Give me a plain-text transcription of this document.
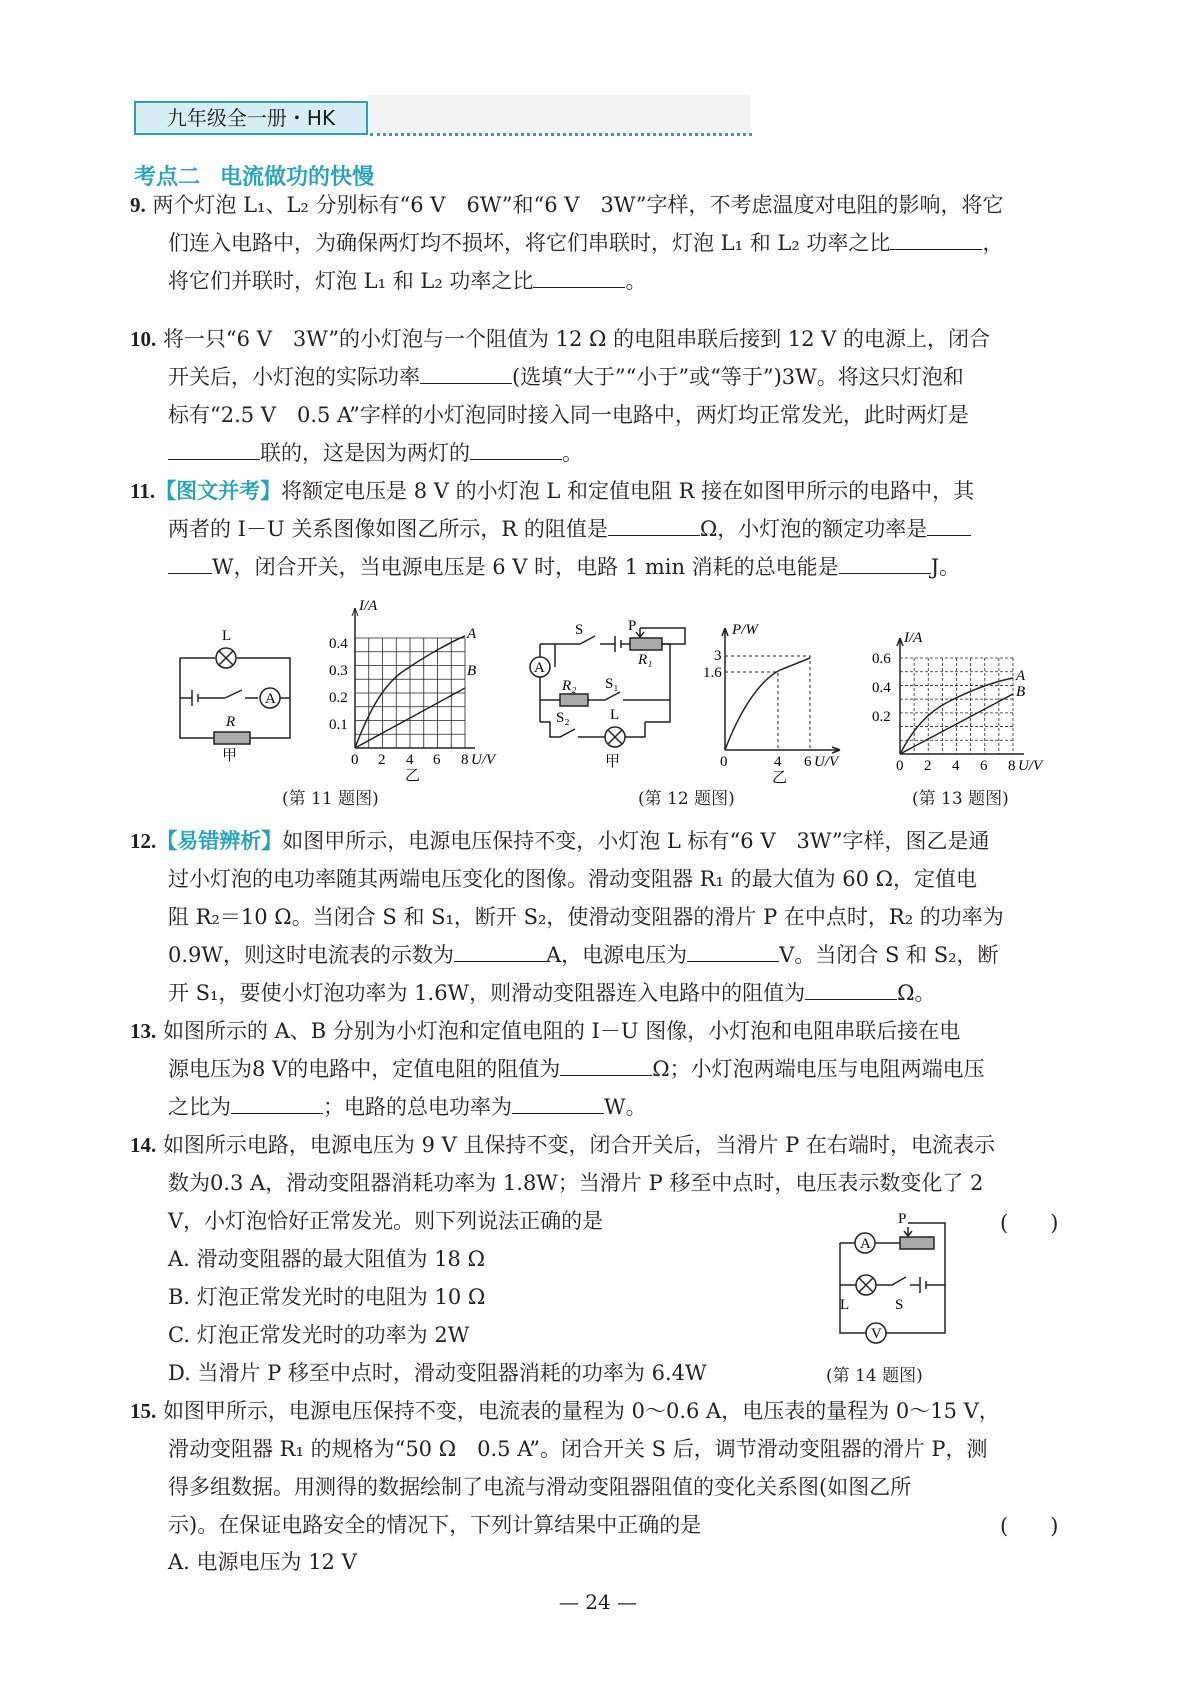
九年级全一册・HK
考点二 电流做功的快慢
9. 两个灯泡 L₁、L₂ 分别标有“6 V　6W”和“6 V　3W”字样，不考虑温度对电阻的影响，将它
们连入电路中，为确保两灯均不损坏，将它们串联时，灯泡 L₁ 和 L₂ 功率之比	，
将它们并联时，灯泡 L₁ 和 L₂ 功率之比	。
10. 将一只“6 V　3W”的小灯泡与一个阻值为 12 Ω 的电阻串联后接到 12 V 的电源上，闭合
开关后，小灯泡的实际功率	(选填“大于”“小于”或“等于”)3W。将这只灯泡和
标有“2.5 V　0.5 A”字样的小灯泡同时接入同一电路中，两灯均正常发光，此时两灯是
联的，这是因为两灯的	。
11.【图文并考】将额定电压是 8 V 的小灯泡 L 和定值电阻 R 接在如图甲所示的电路中，其
两者的 I－U 关系图像如图乙所示，R 的阻值是	Ω，小灯泡的额定功率是
W，闭合开关，当电源电压是 6 V 时，电路 1 min 消耗的总电能是	J。
L
A
R
甲
I/A
A
B
0.4
0.3
0.2
0.1
0 2 4 6 8 U/V
乙
A
S	P
R₁
R₂ S₁
S₂	L
甲
P/W
3
1.6
0	4 6 U/V
乙
I/A
A
B
0.6
0.4
0.2
0 2 4 6 8 U/V
(第 11 题图)	(第 12 题图)	(第 13 题图)
12.【易错辨析】如图甲所示，电源电压保持不变，小灯泡 L 标有“6 V　3W”字样，图乙是通
过小灯泡的电功率随其两端电压变化的图像。滑动变阻器 R₁ 的最大值为 60 Ω，定值电
阻 R₂＝10 Ω。当闭合 S 和 S₁，断开 S₂，使滑动变阻器的滑片 P 在中点时，R₂ 的功率为
0.9W，则这时电流表的示数为	A，电源电压为	V。当闭合 S 和 S₂，断
开 S₁，要使小灯泡功率为 1.6W，则滑动变阻器连入电路中的阻值为	Ω。
13. 如图所示的 A、B 分别为小灯泡和定值电阻的 I－U 图像，小灯泡和电阻串联后接在电
源电压为8 V的电路中，定值电阻的阻值为	Ω；小灯泡两端电压与电阻两端电压
之比为	；电路的总电功率为	W。
14. 如图所示电路，电源电压为 9 V 且保持不变，闭合开关后，当滑片 P 在右端时，电流表示
数为0.3 A，滑动变阻器消耗功率为 1.8W；当滑片 P 移至中点时，电压表示数变化了 2
V，小灯泡恰好正常发光。则下列说法正确的是	(　　)
A. 滑动变阻器的最大阻值为 18 Ω
B. 灯泡正常发光时的电阻为 10 Ω
C. 灯泡正常发光时的功率为 2W
D. 当滑片 P 移至中点时，滑动变阻器消耗的功率为 6.4W
A
P
L	S
V
(第 14 题图)
15. 如图甲所示，电源电压保持不变，电流表的量程为 0～0.6 A，电压表的量程为 0～15 V，
滑动变阻器 R₁ 的规格为“50 Ω　0.5 A”。闭合开关 S 后，调节滑动变阻器的滑片 P，测
得多组数据。用测得的数据绘制了电流与滑动变阻器阻值的变化关系图(如图乙所
示)。在保证电路安全的情况下，下列计算结果中正确的是	(　　)
A. 电源电压为 12 V
— 24 —
